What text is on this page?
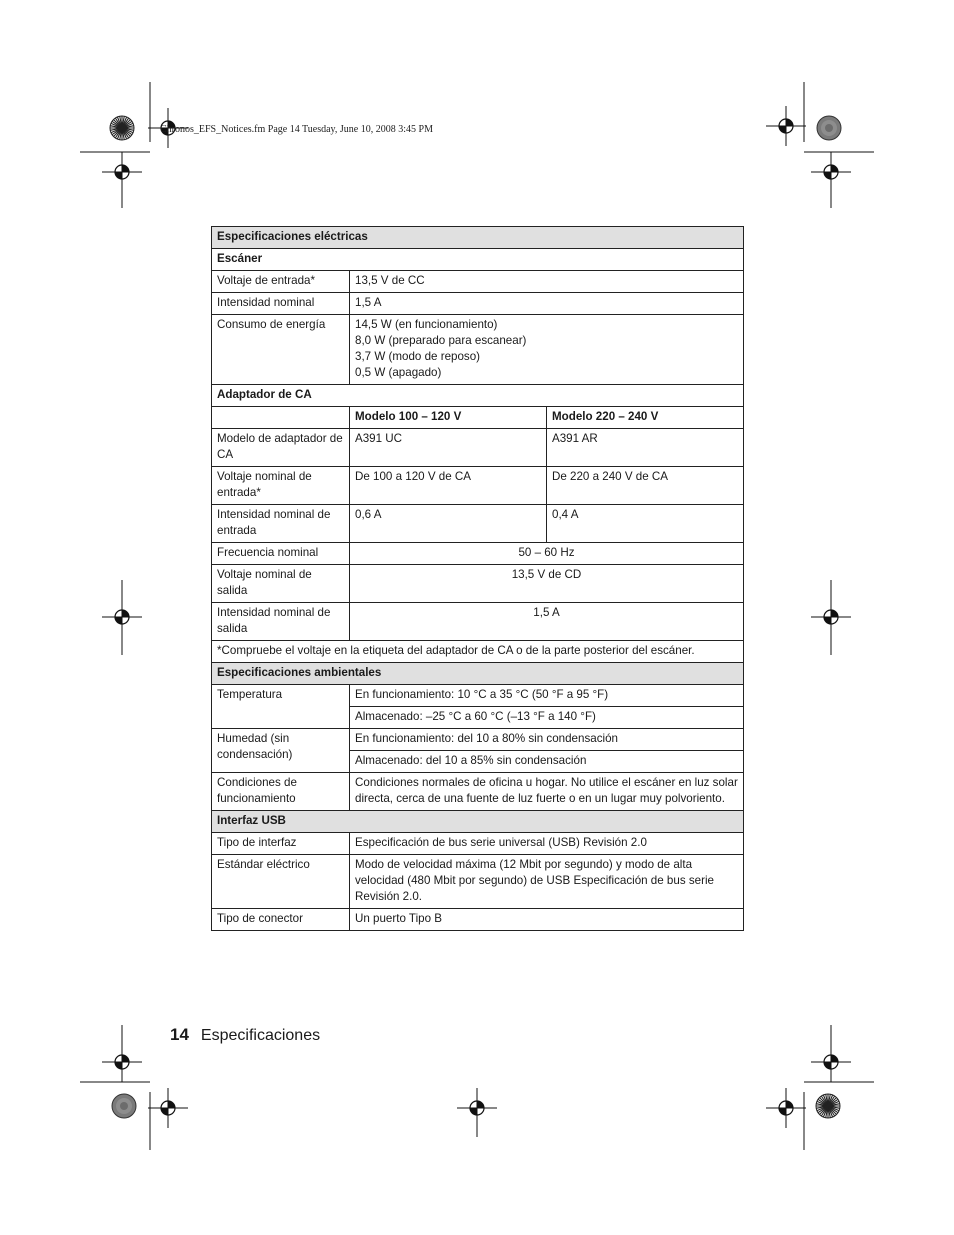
Chronos_EFS_Notices.fm Page 14 Tuesday, June 10, 2008 3:45 PM
Especificaciones eléctricas		
Escáner		
Voltaje de entrada*	13,5 V de CC	
Intensidad nominal	1,5 A	
Consumo de energía	14,5 W (en funcionamiento)
8,0 W (preparado para escanear)
3,7 W (modo de reposo)
0,5 W (apagado)	

Adaptador de CA		
	Modelo 100 – 120 V	Modelo 220 – 240 V
Modelo de adaptador de CA	A391 UC	A391 AR
Voltaje nominal de entrada*	De 100 a 120 V de CA	De 220 a 240 V de CA
Intensidad nominal de entrada	0,6 A	0,4 A
Frecuencia nominal	50 – 60 Hz	
Voltaje nominal de salida	13,5 V de CD	
Intensidad nominal de salida	1,5 A	
*Compruebe el voltaje en la etiqueta del adaptador de CA o de la parte posterior del escáner.		
Especificaciones ambientales		
Temperatura	En funcionamiento: 10 °C a 35 °C (50 °F a 95 °F)	
	Almacenado: –25 °C a 60 °C (–13 °F a 140 °F)	
Humedad (sin condensación)	En funcionamiento: del 10 a 80% sin condensación	
	Almacenado: del 10 a 85% sin condensación	
Condiciones de funcionamiento	Condiciones normales de oficina u hogar. No utilice el escáner en luz solar directa, cerca de una fuente de luz fuerte o en un lugar muy polvoriento.	
Interfaz USB		
Tipo de interfaz	Especificación de bus serie universal (USB) Revisión 2.0	
Estándar eléctrico	Modo de velocidad máxima (12 Mbit por segundo) y modo de alta velocidad (480 Mbit por segundo) de USB Especificación de bus serie Revisión 2.0.	
Tipo de conector	Un puerto Tipo B	
14 Especificaciones
